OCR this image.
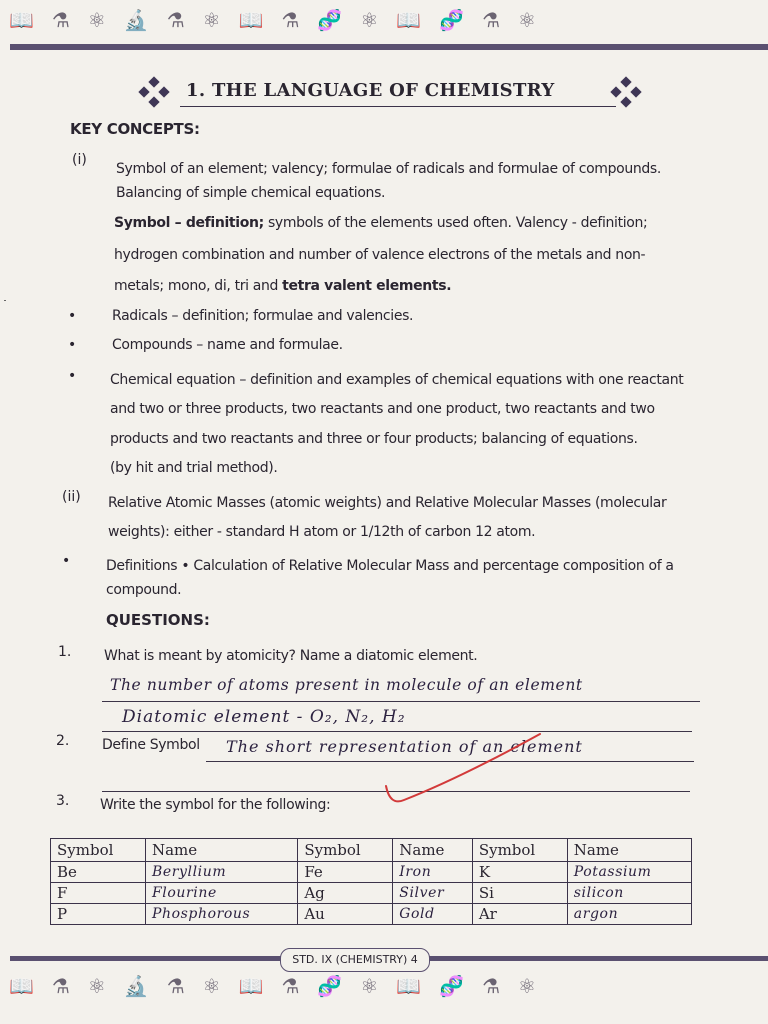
📖 ⚗ ⚛ 🔬 ⚗ ⚛ 📖 ⚗ 🧬 ⚛ 📖 🧬 ⚗ ⚛
1. THE LANGUAGE OF CHEMISTRY
KEY CONCEPTS:
(i)
Symbol of an element; valency; formulae of radicals and formulae of compounds.
Balancing of simple chemical equations.
Symbol – definition; symbols of the elements used often. Valency - definition;
hydrogen combination and number of valence electrons of the metals and non-
metals; mono, di, tri and tetra valent elements.
•	Radicals – definition; formulae and valencies.
•	Compounds – name and formulae.
• Chemical equation – definition and examples of chemical equations with one reactant
and two or three products, two reactants and one product, two reactants and two
products and two reactants and three or four products; balancing of equations.
(by hit and trial method).
(ii) Relative Atomic Masses (atomic weights) and Relative Molecular Masses (molecular
weights): either - standard H atom or 1/12th of carbon 12 atom.
•	Definitions • Calculation of Relative Molecular Mass and percentage composition of a
compound.
QUESTIONS:
1. What is meant by atomicity? Name a diatomic element.
The number of atoms present in molecule of an element
Diatomic element - O₂, N₂, H₂
2. Define Symbol The short representation of an element
3. Write the symbol for the following:
Symbol	Name	Symbol	Name	Symbol	Name
Be	Beryllium	Fe	Iron	K	Potassium
F	Flourine	Ag	Silver	Si	silicon
P	Phosphorous	Au	Gold	Ar	argon
STD. IX (CHEMISTRY) 4
📖 ⚗ ⚛ 🔬 ⚗ ⚛ 📖 ⚗ 🧬 ⚛ 📖 🧬 ⚗ ⚛
